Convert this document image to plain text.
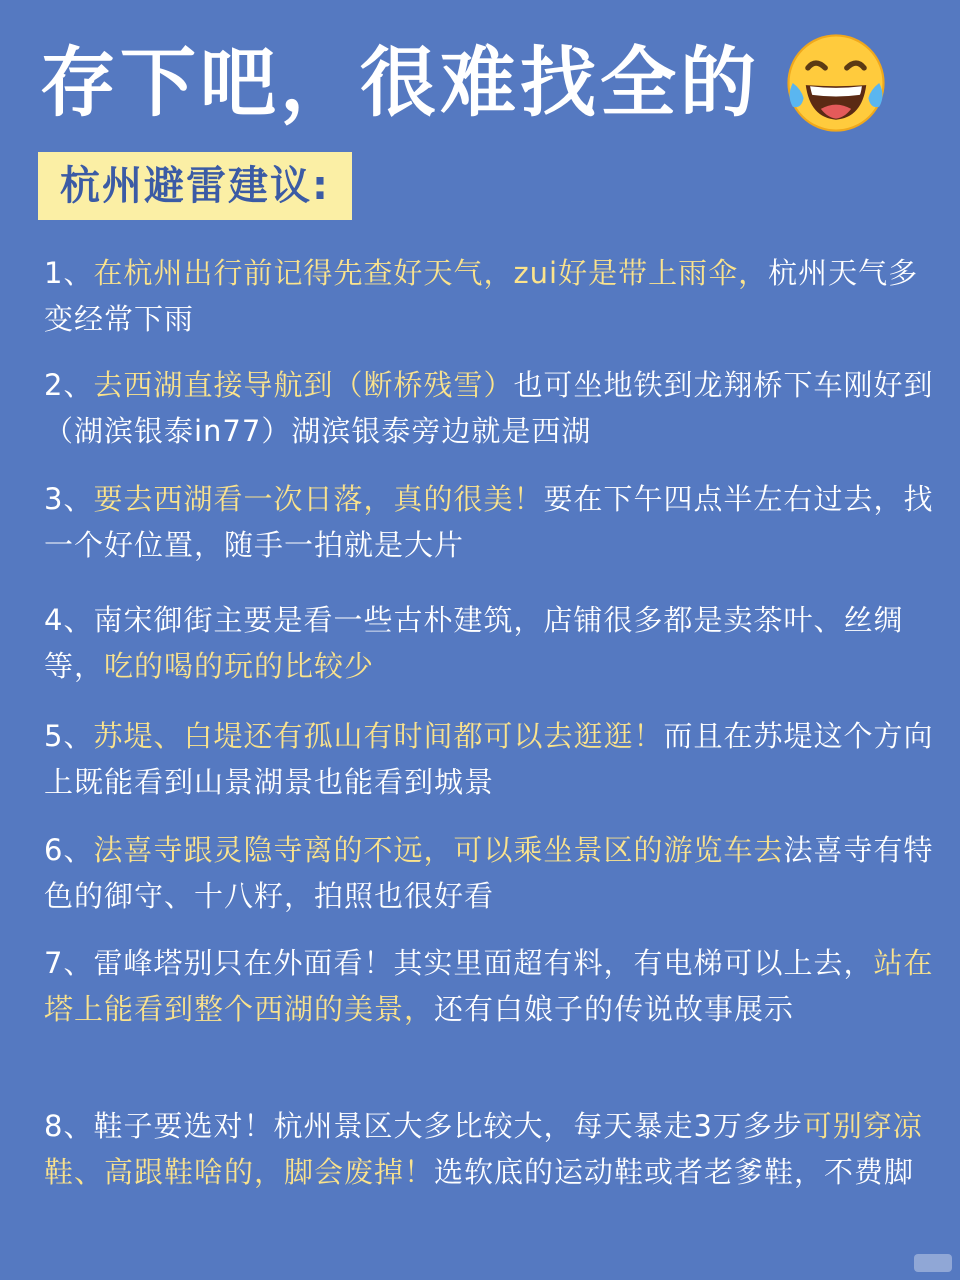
存下吧，很难找全的
杭州避雷建议:
1、在杭州出行前记得先查好天气，zui好是带上雨伞，杭州天气多变经常下雨
2、去西湖直接导航到（断桥残雪）也可坐地铁到龙翔桥下车刚好到（湖滨银泰in77）湖滨银泰旁边就是西湖
3、要去西湖看一次日落，真的很美！要在下午四点半左右过去，找一个好位置，随手一拍就是大片
4、南宋御街主要是看一些古朴建筑，店铺很多都是卖茶叶、丝绸等，吃的喝的玩的比较少
5、苏堤、白堤还有孤山有时间都可以去逛逛！而且在苏堤这个方向上既能看到山景湖景也能看到城景
6、法喜寺跟灵隐寺离的不远，可以乘坐景区的游览车去法喜寺有特色的御守、十八籽，拍照也很好看
7、雷峰塔别只在外面看！其实里面超有料，有电梯可以上去，站在塔上能看到整个西湖的美景，还有白娘子的传说故事展示
8、鞋子要选对！杭州景区大多比较大，每天暴走3万多步可别穿凉鞋、高跟鞋啥的，脚会废掉！选软底的运动鞋或者老爹鞋，不费脚
